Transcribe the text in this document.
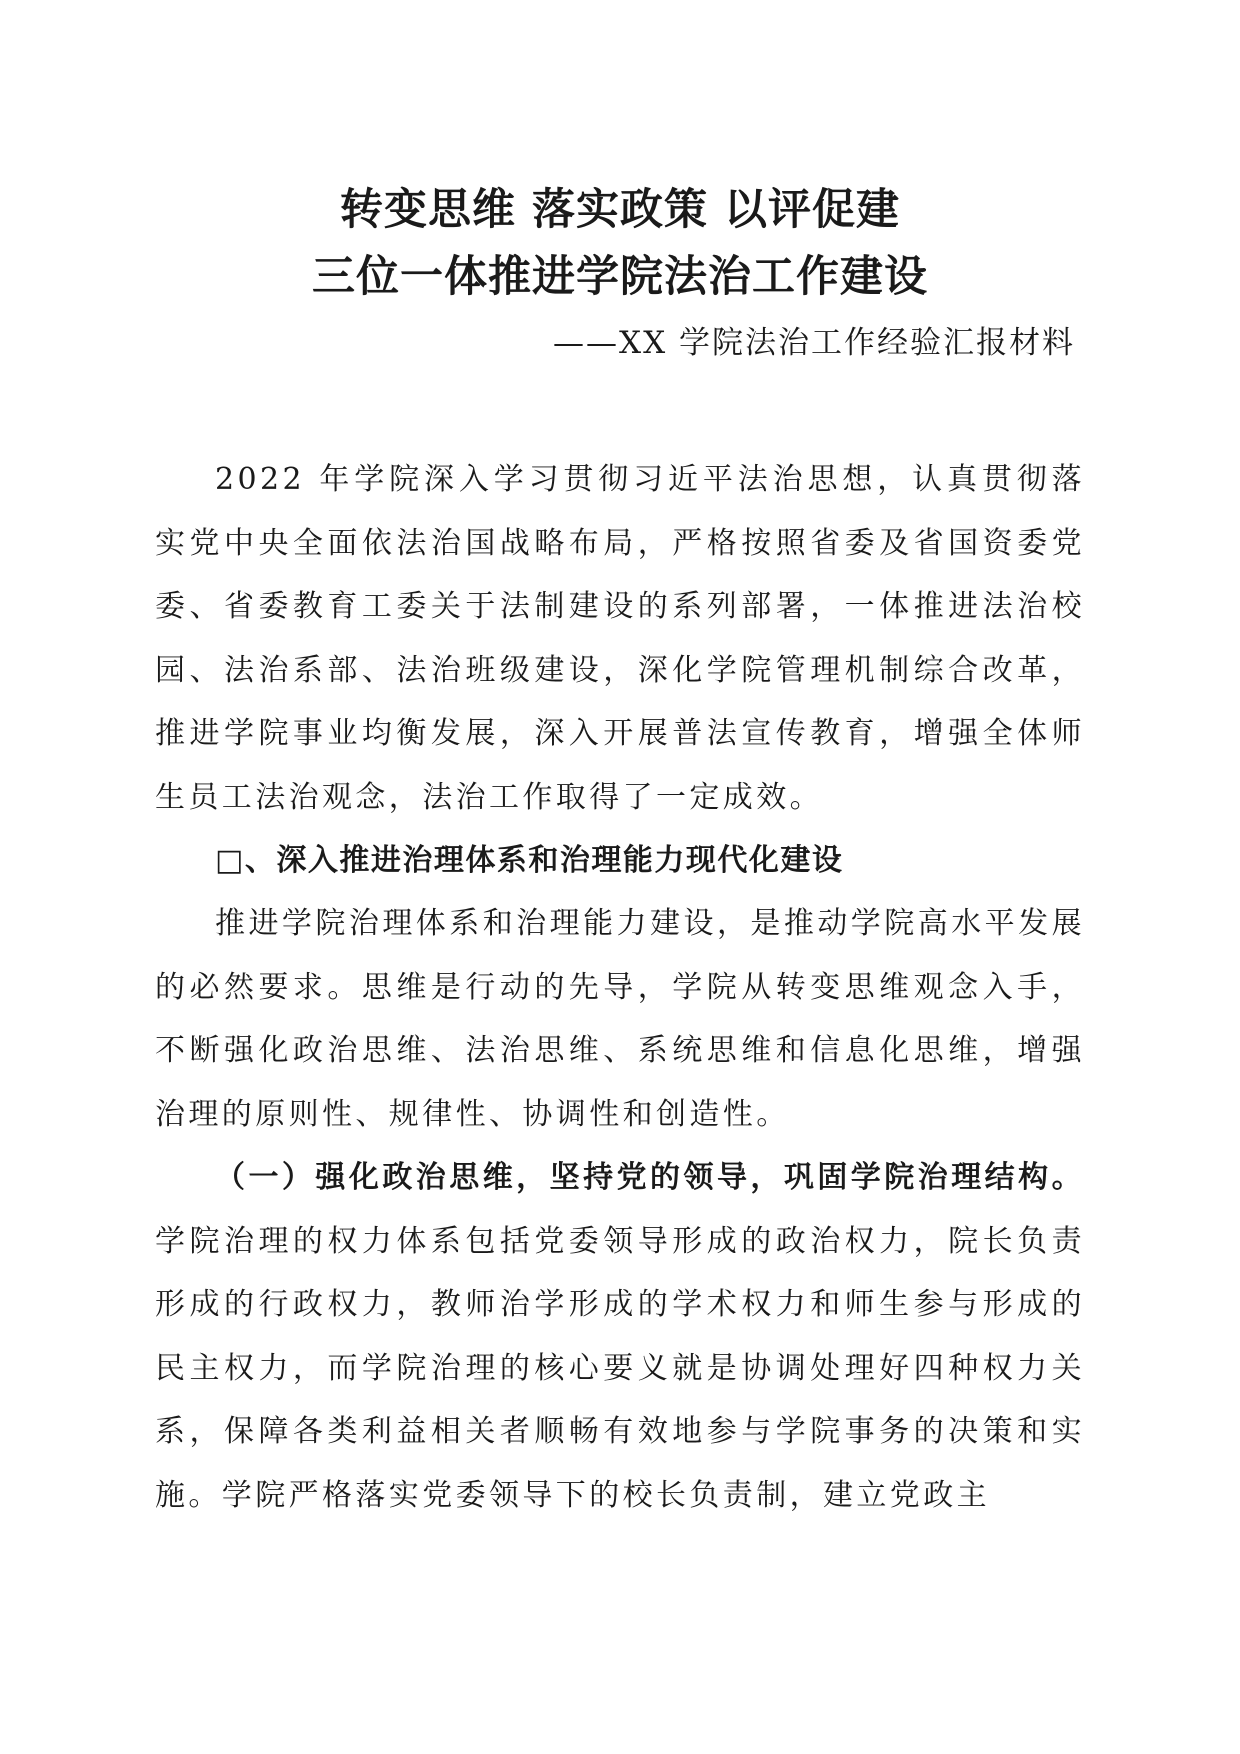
转变思维 落实政策 以评促建
三位一体推进学院法治工作建设
——XX 学院法治工作经验汇报材料

2022 年学院深入学习贯彻习近平法治思想，认真贯彻落实党中央全面依法治国战略布局，严格按照省委及省国资委党委、省委教育工委关于法制建设的系列部署，一体推进法治校园、法治系部、法治班级建设，深化学院管理机制综合改革，推进学院事业均衡发展，深入开展普法宣传教育，增强全体师生员工法治观念，法治工作取得了一定成效。

□、深入推进治理体系和治理能力现代化建设

推进学院治理体系和治理能力建设，是推动学院高水平发展的必然要求。思维是行动的先导，学院从转变思维观念入手，不断强化政治思维、法治思维、系统思维和信息化思维，增强治理的原则性、规律性、协调性和创造性。

（一）强化政治思维，坚持党的领导，巩固学院治理结构。学院治理的权力体系包括党委领导形成的政治权力，院长负责形成的行政权力，教师治学形成的学术权力和师生参与形成的民主权力，而学院治理的核心要义就是协调处理好四种权力关系，保障各类利益相关者顺畅有效地参与学院事务的决策和实施。学院严格落实党委领导下的校长负责制，建立党政主
